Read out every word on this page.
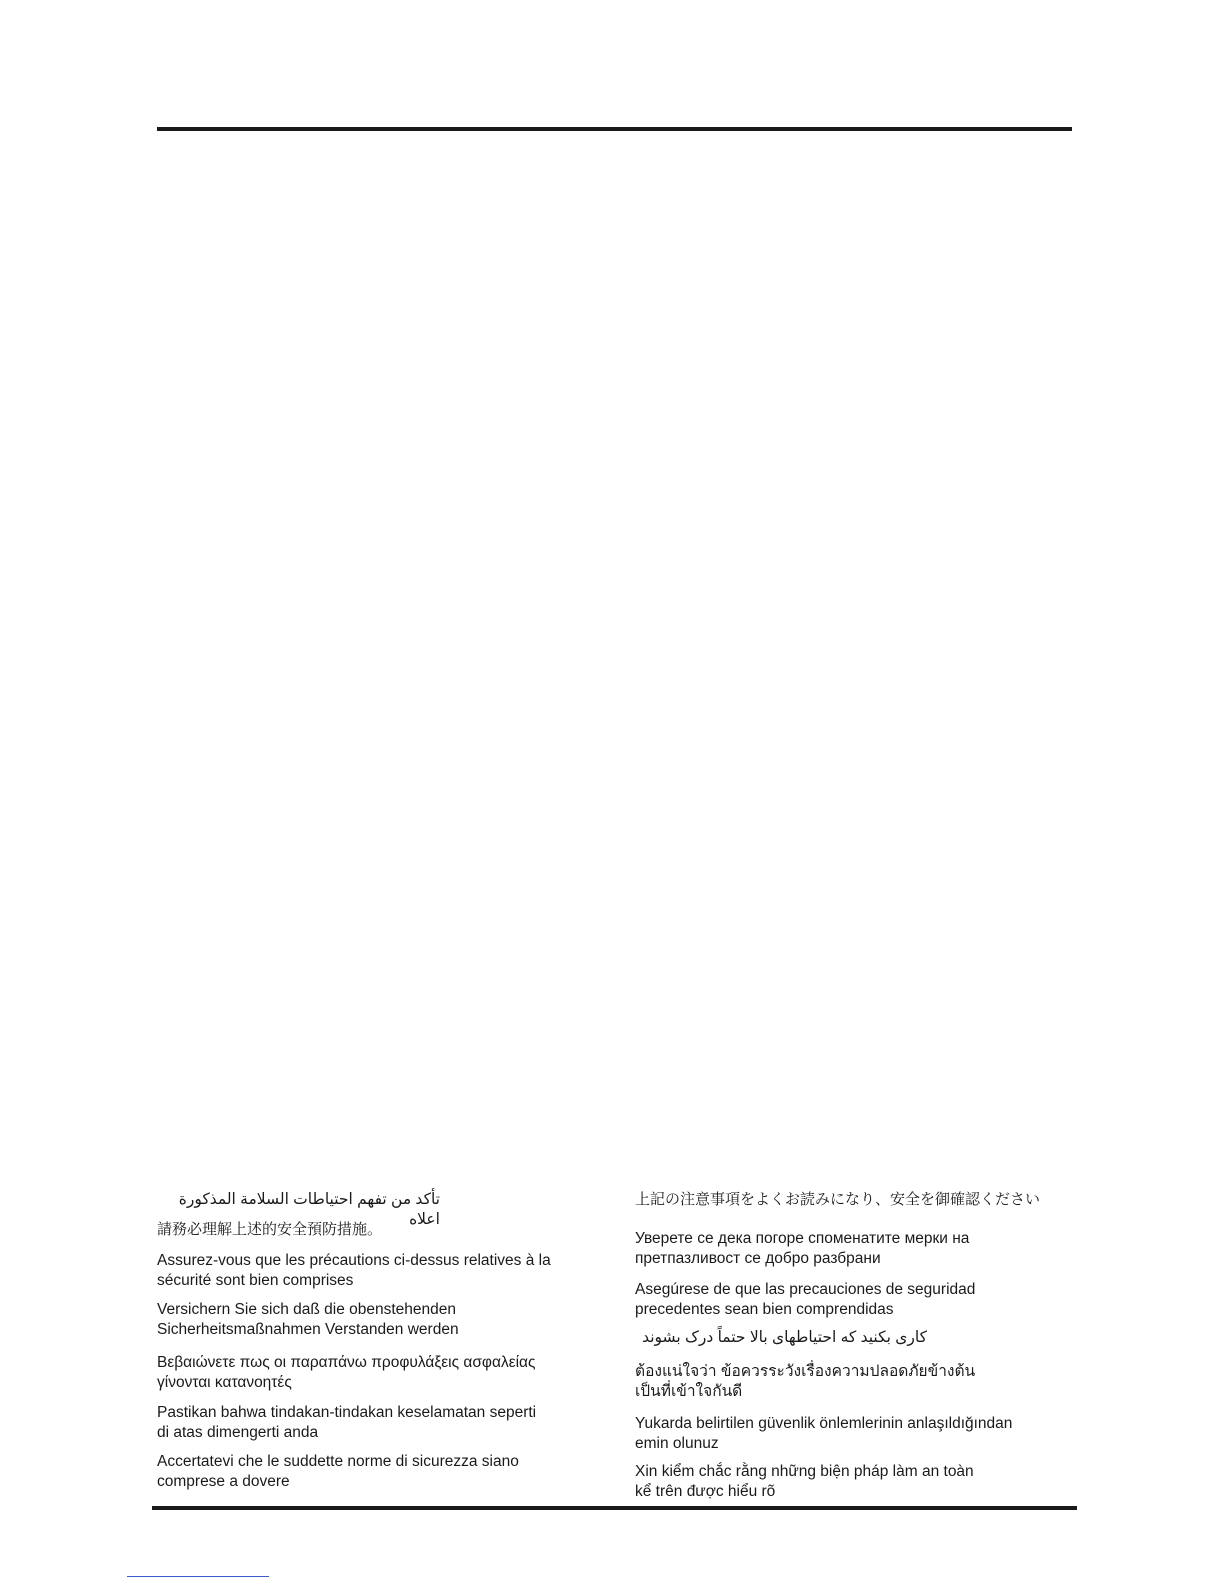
تأكد من تفهم احتياطات السلامة المذكورة اعلاه
請務必理解上述的安全預防措施。
Assurez-vous que les précautions ci-dessus relatives à la
sécurité sont bien comprises
Versichern Sie sich daß die obenstehenden
Sicherheitsmaßnahmen Verstanden werden
Βεβαιώνετε πως οι παραπάνω προφυλάξεις ασφαλείας
γίνονται κατανοητές
Pastikan bahwa tindakan-tindakan keselamatan seperti
di atas dimengerti anda
Accertatevi che le suddette norme di sicurezza siano
comprese a dovere
上記の注意事項をよくお読みになり、安全を御確認ください
Уверете се дека погоре споменатите мерки на
претпазливост се добро разбрани
Asegúrese de que las precauciones de seguridad
precedentes sean bien comprendidas
کاری بکنید که احتیاطهای بالا حتماً درک بشوند
ต้องแน่ใจว่า ข้อควรระวังเรื่องความปลอดภัยข้างต้น
เป็นที่เข้าใจกันดี
Yukarda belirtilen güvenlik önlemlerinin anlaşıldığından
emin olunuz
Xin kiểm chắc rằng những biện pháp làm an toàn
kể trên được hiểu rõ
